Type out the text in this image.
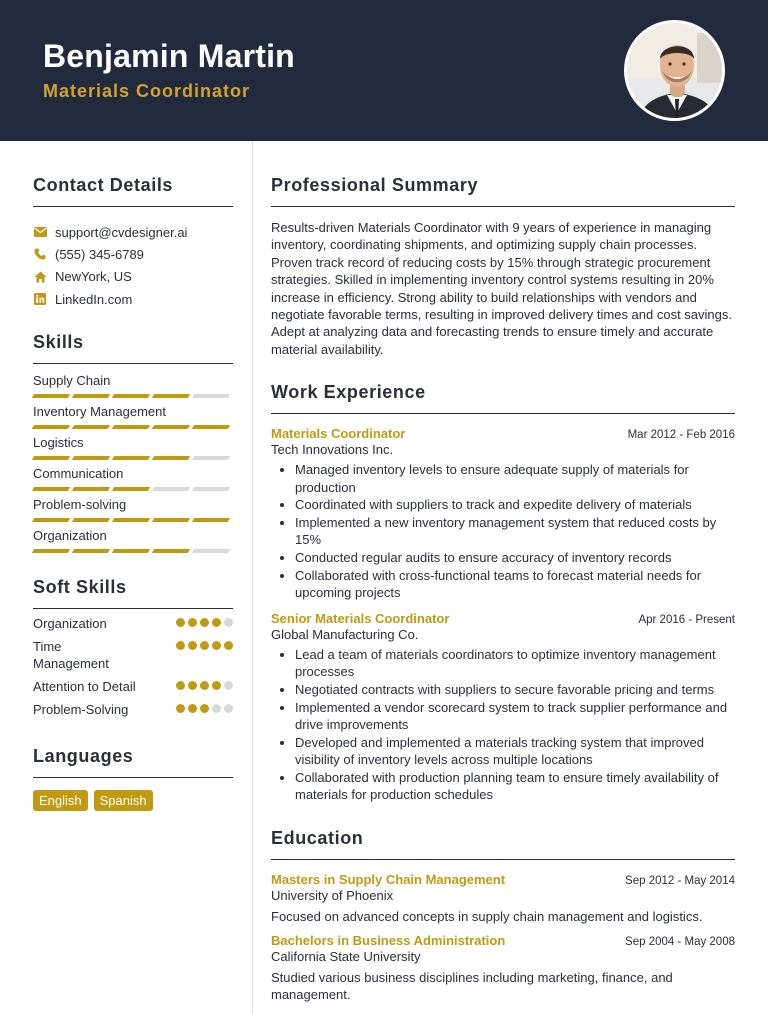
Benjamin Martin
Materials Coordinator
Contact Details
support@cvdesigner.ai
(555) 345-6789
NewYork, US
LinkedIn.com
Skills
Supply Chain
Inventory Management
Logistics
Communication
Problem-solving
Organization
Soft Skills
Organization
Time Management
Attention to Detail
Problem-Solving
Languages
English	Spanish
Professional Summary

Results-driven Materials Coordinator with 9 years of experience in managing inventory, coordinating shipments, and optimizing supply chain processes. Proven track record of reducing costs by 15% through strategic procurement strategies. Skilled in implementing inventory control systems resulting in 20% increase in efficiency. Strong ability to build relationships with vendors and negotiate favorable terms, resulting in improved delivery times and cost savings. Adept at analyzing data and forecasting trends to ensure timely and accurate material availability.

Work Experience
Materials Coordinator	Mar 2012 - Feb 2016
Tech Innovations Inc.
• Managed inventory levels to ensure adequate supply of materials for production
• Coordinated with suppliers to track and expedite delivery of materials
• Implemented a new inventory management system that reduced costs by 15%
• Conducted regular audits to ensure accuracy of inventory records
• Collaborated with cross-functional teams to forecast material needs for upcoming projects
Senior Materials Coordinator	Apr 2016 - Present
Global Manufacturing Co.
• Lead a team of materials coordinators to optimize inventory management processes
• Negotiated contracts with suppliers to secure favorable pricing and terms
• Implemented a vendor scorecard system to track supplier performance and drive improvements
• Developed and implemented a materials tracking system that improved visibility of inventory levels across multiple locations
• Collaborated with production planning team to ensure timely availability of materials for production schedules
Education
Masters in Supply Chain Management	Sep 2012 - May 2014
University of Phoenix

Focused on advanced concepts in supply chain management and logistics.

Bachelors in Business Administration	Sep 2004 - May 2008
California State University

Studied various business disciplines including marketing, finance, and management.
